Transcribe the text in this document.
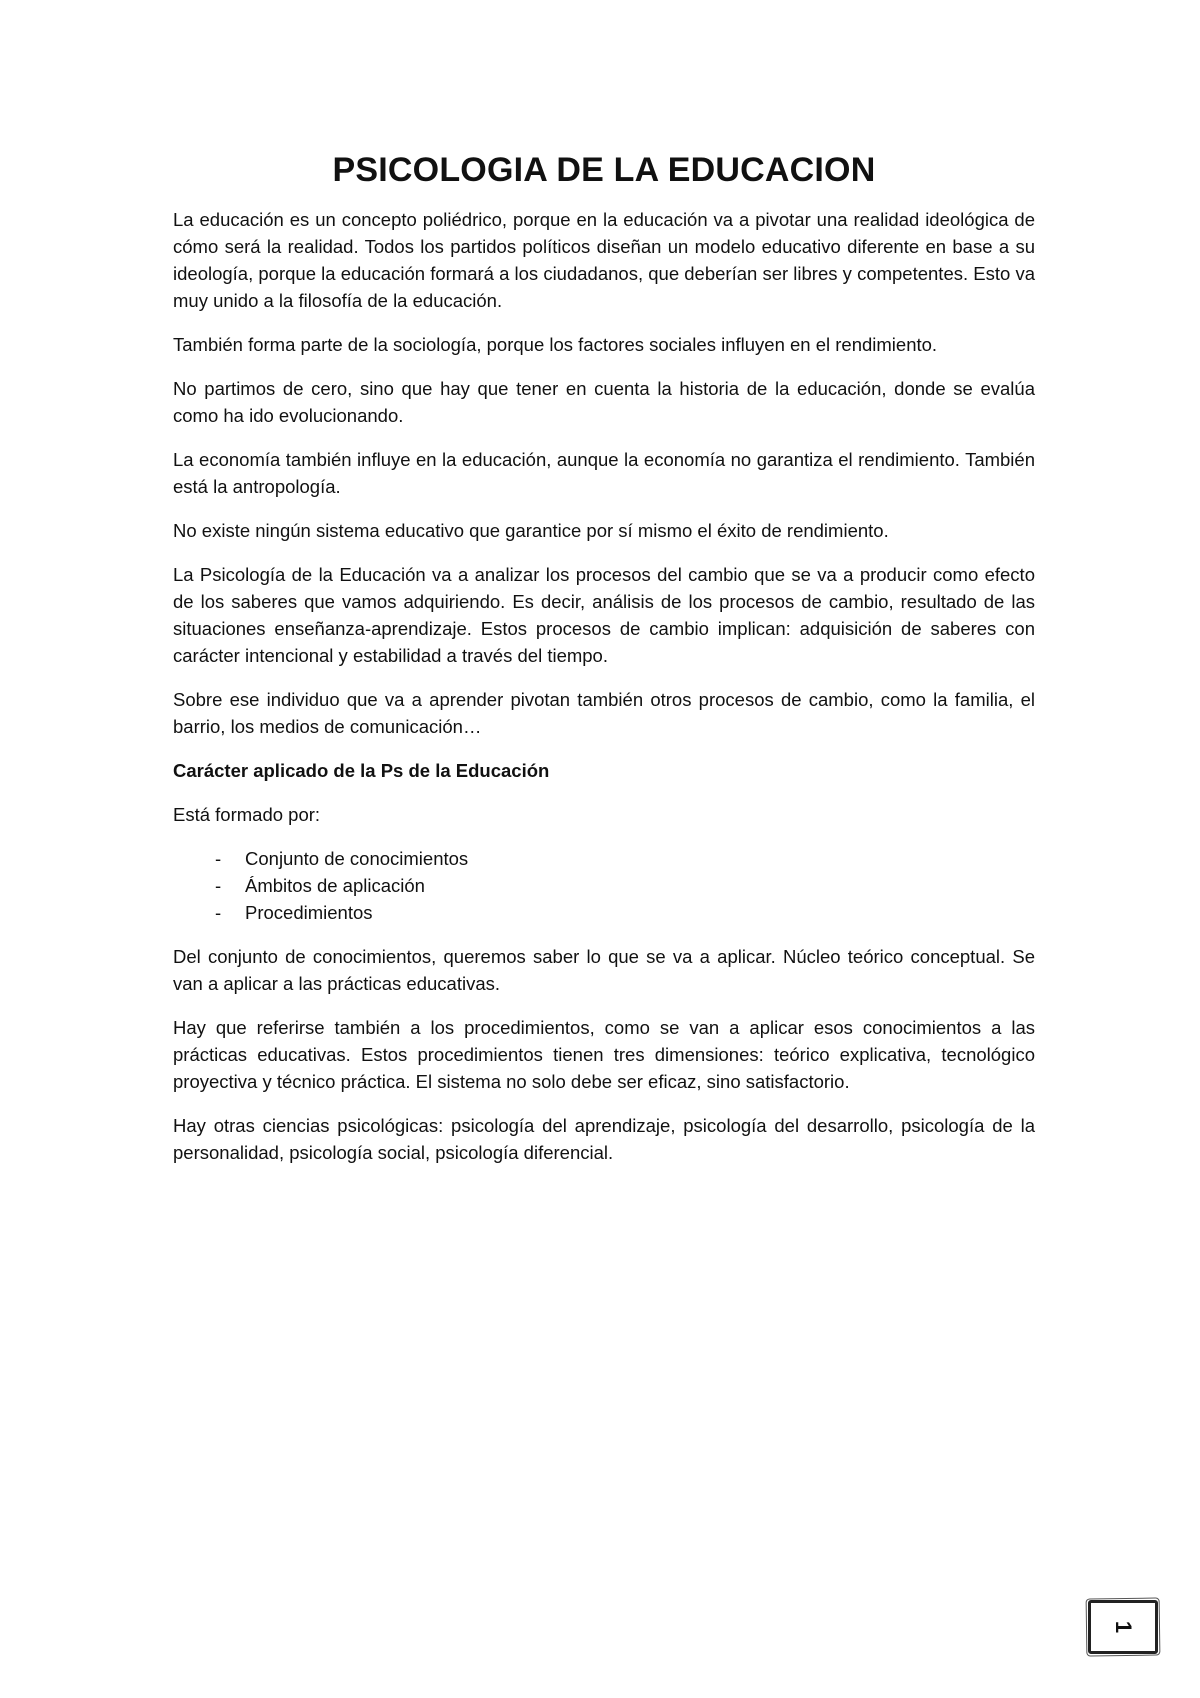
PSICOLOGIA DE LA EDUCACION

La educación es un concepto poliédrico, porque en la educación va a pivotar una realidad ideológica de cómo será la realidad. Todos los partidos políticos diseñan un modelo educativo diferente en base a su ideología, porque la educación formará a los ciudadanos, que deberían ser libres y competentes. Esto va muy unido a la filosofía de la educación.

También forma parte de la sociología, porque los factores sociales influyen en el rendimiento.

No partimos de cero, sino que hay que tener en cuenta la historia de la educación, donde se evalúa como ha ido evolucionando.

La economía también influye en la educación, aunque la economía no garantiza el rendimiento. También está la antropología.

No existe ningún sistema educativo que garantice por sí mismo el éxito de rendimiento.

La Psicología de la Educación va a analizar los procesos del cambio que se va a producir como efecto de los saberes que vamos adquiriendo. Es decir, análisis de los procesos de cambio, resultado de las situaciones enseñanza-aprendizaje. Estos procesos de cambio implican: adquisición de saberes con carácter intencional y estabilidad a través del tiempo.

Sobre ese individuo que va a aprender pivotan también otros procesos de cambio, como la familia, el barrio, los medios de comunicación…

Carácter aplicado de la Ps de la Educación

Está formado por:

- Conjunto de conocimientos
- Ámbitos de aplicación
- Procedimientos

Del conjunto de conocimientos, queremos saber lo que se va a aplicar. Núcleo teórico conceptual. Se van a aplicar a las prácticas educativas.

Hay que referirse también a los procedimientos, como se van a aplicar esos conocimientos a las prácticas educativas. Estos procedimientos tienen tres dimensiones: teórico explicativa, tecnológico proyectiva y técnico práctica. El sistema no solo debe ser eficaz, sino satisfactorio.

Hay otras ciencias psicológicas: psicología del aprendizaje, psicología del desarrollo, psicología de la personalidad, psicología social, psicología diferencial.

1
